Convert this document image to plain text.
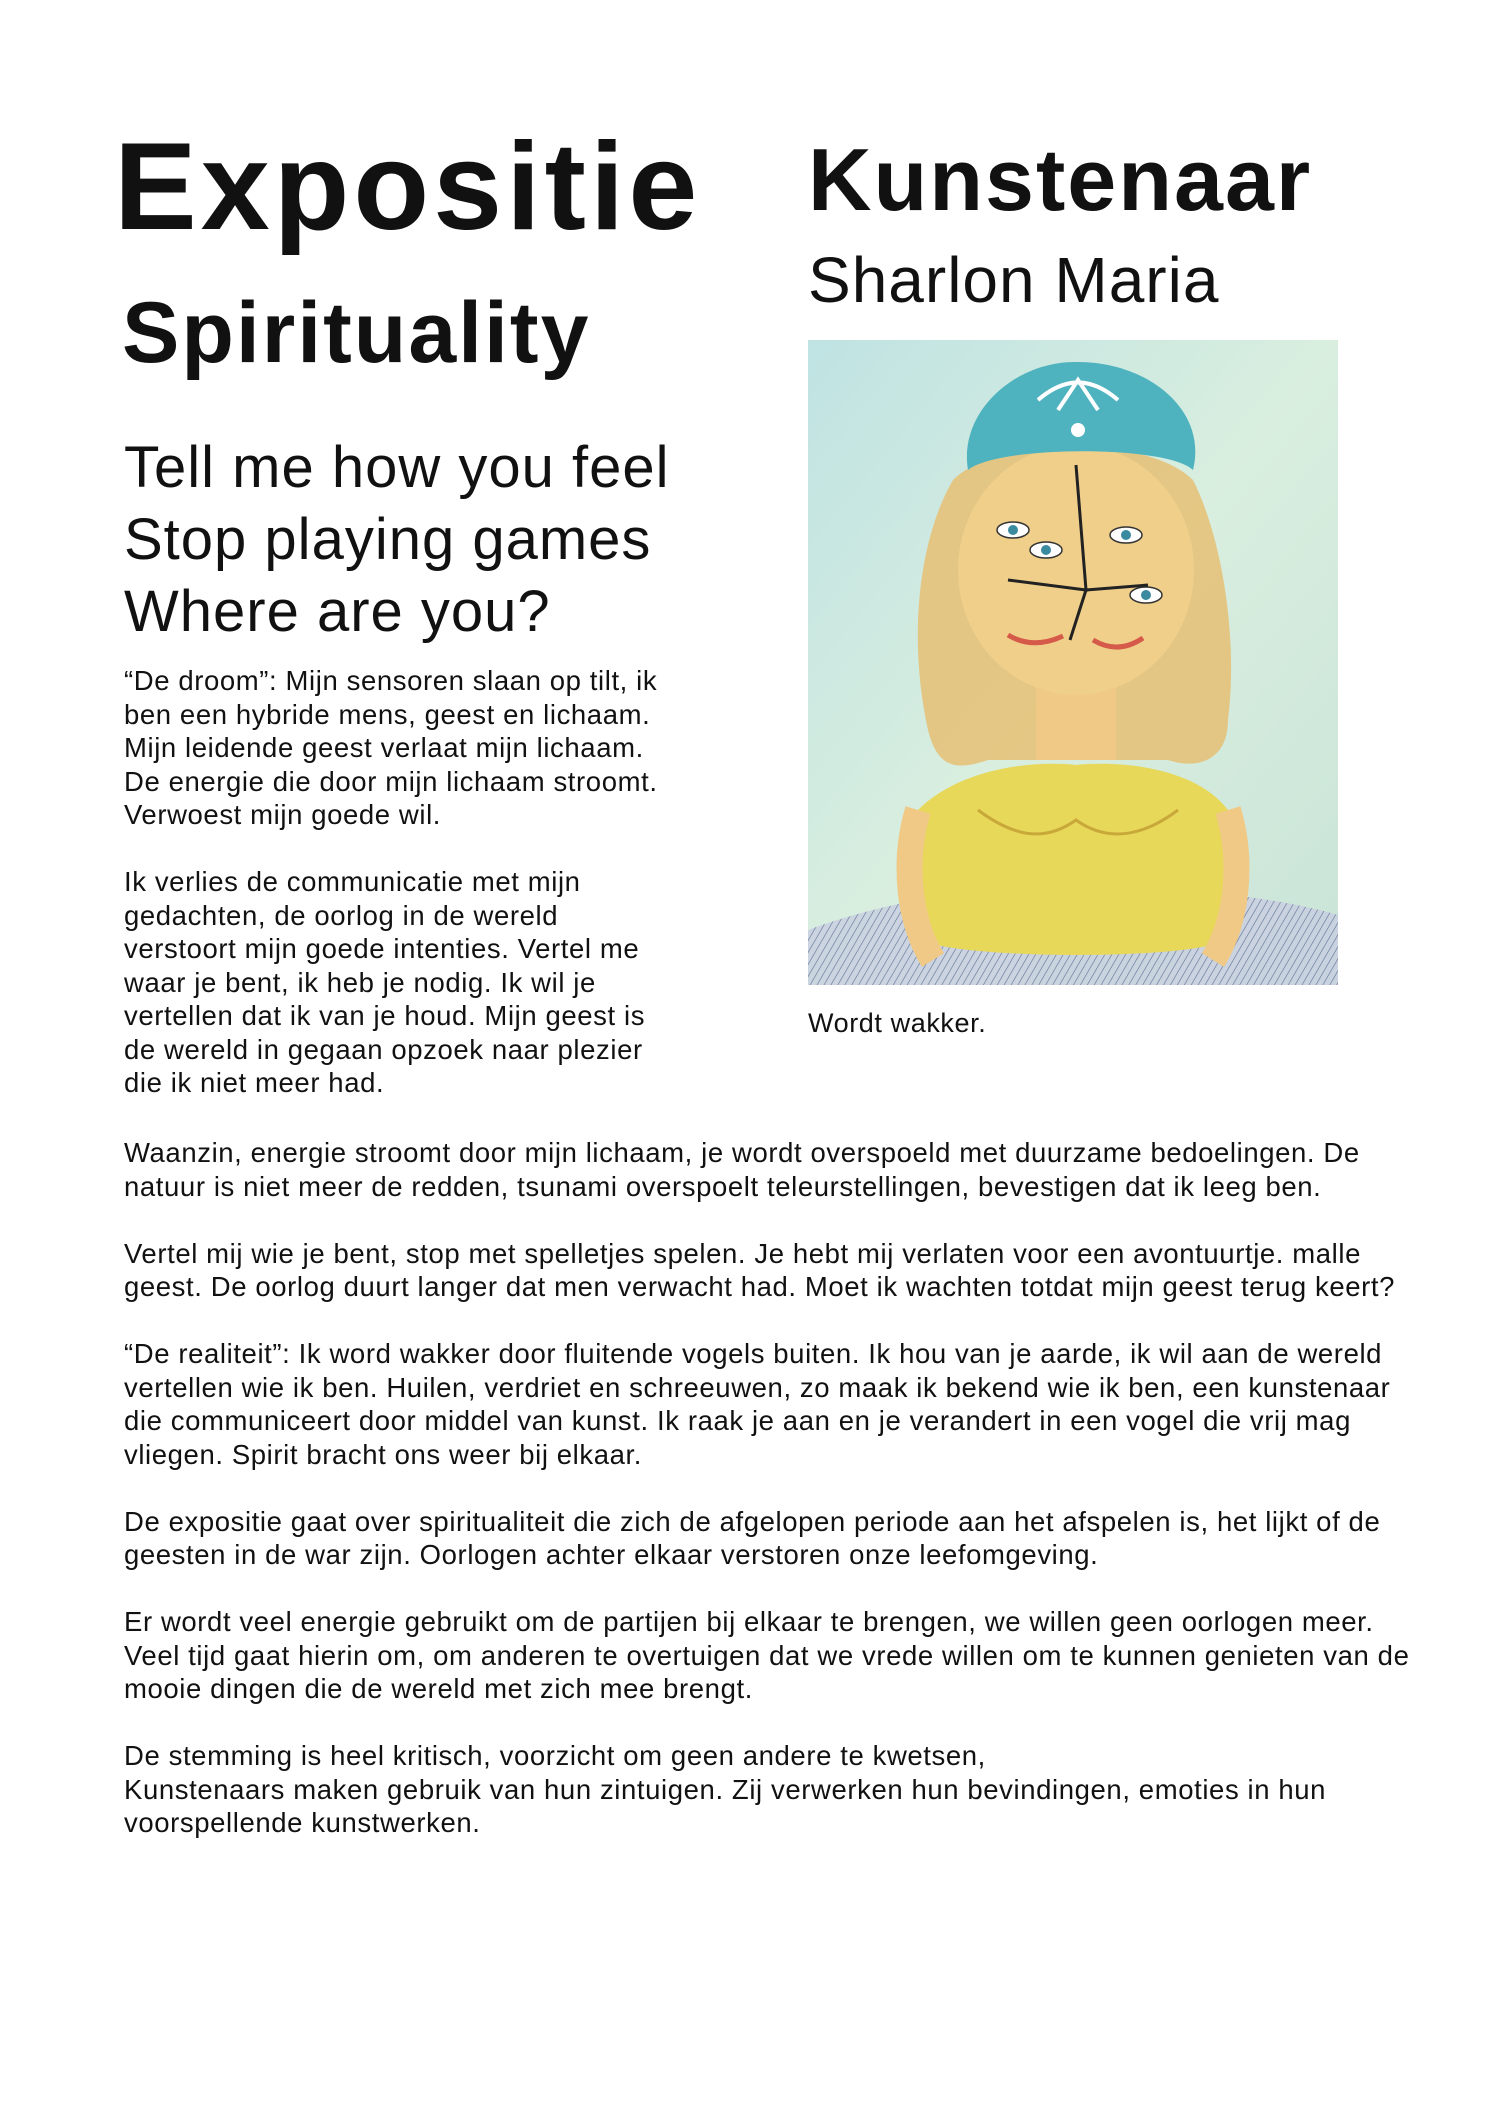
Expositie
Spirituality
Kunstenaar
Sharlon Maria
Tell me how you feel
Stop playing games
Where are you?

“De droom”: Mijn sensoren slaan op tilt, ik
ben een hybride mens, geest en lichaam.
Mijn leidende geest verlaat mijn lichaam.
De energie die door mijn lichaam stroomt.
Verwoest mijn goede wil.

Ik verlies de communicatie met mijn
gedachten, de oorlog in de wereld
verstoort mijn goede intenties. Vertel me
waar je bent, ik heb je nodig. Ik wil je
vertellen dat ik van je houd. Mijn geest is
de wereld in gegaan opzoek naar plezier
die ik niet meer had.

Wordt wakker.

Waanzin, energie stroomt door mijn lichaam, je wordt overspoeld met duurzame bedoelingen. De natuur is niet meer de redden, tsunami overspoelt teleurstellingen, bevestigen dat ik leeg ben.

Vertel mij wie je bent, stop met spelletjes spelen. Je hebt mij verlaten voor een avontuurtje. malle geest. De oorlog duurt langer dat men verwacht had. Moet ik wachten totdat mijn geest terug keert?

“De realiteit”: Ik word wakker door fluitende vogels buiten. Ik hou van je aarde, ik wil aan de wereld vertellen wie ik ben. Huilen, verdriet en schreeuwen, zo maak ik bekend wie ik ben, een kunstenaar die communiceert door middel van kunst. Ik raak je aan en je verandert in een vogel die vrij mag vliegen. Spirit bracht ons weer bij elkaar.

De expositie gaat over spiritualiteit die zich de afgelopen periode aan het afspelen is, het lijkt of de geesten in de war zijn. Oorlogen achter elkaar verstoren onze leefomgeving.

Er wordt veel energie gebruikt om de partijen bij elkaar te brengen, we willen geen oorlogen meer. Veel tijd gaat hierin om, om anderen te overtuigen dat we vrede willen om te kunnen genieten van de mooie dingen die de wereld met zich mee brengt.

De stemming is heel kritisch, voorzicht om geen andere te kwetsen,
Kunstenaars maken gebruik van hun zintuigen. Zij verwerken hun bevindingen, emoties in hun voorspellende kunstwerken.
